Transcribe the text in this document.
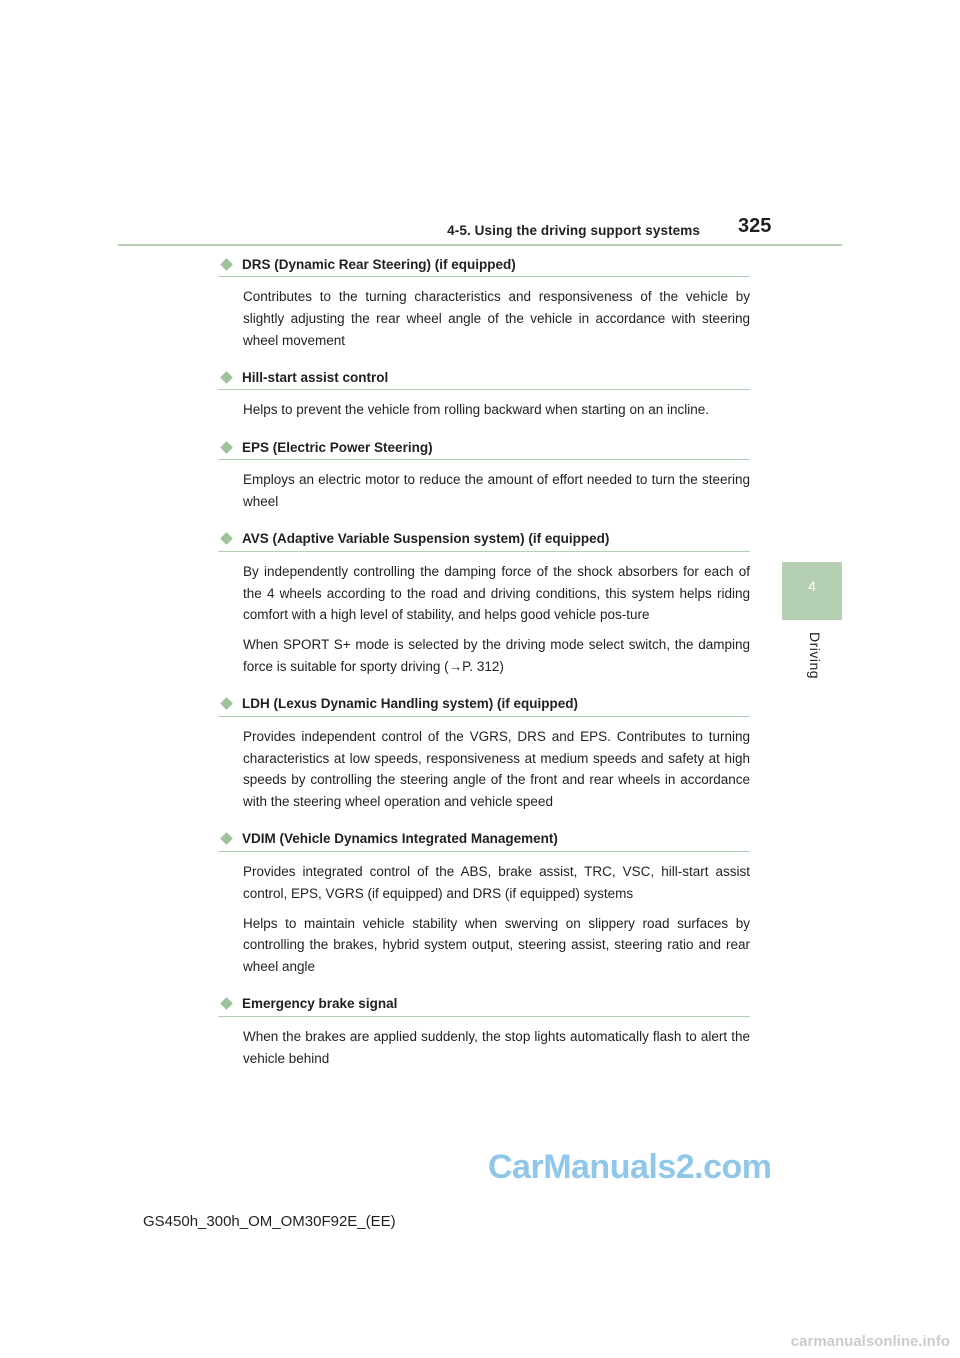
4-5. Using the driving support systems 325
4
Driving
DRS (Dynamic Rear Steering) (if equipped)

Contributes to the turning characteristics and responsiveness of the vehicle by slightly adjusting the rear wheel angle of the vehicle in accordance with steering wheel movement

Hill-start assist control

Helps to prevent the vehicle from rolling backward when starting on an incline.

EPS (Electric Power Steering)

Employs an electric motor to reduce the amount of effort needed to turn the steering wheel

AVS (Adaptive Variable Suspension system) (if equipped)

By independently controlling the damping force of the shock absorbers for each of the 4 wheels according to the road and driving conditions, this system helps riding comfort with a high level of stability, and helps good vehicle pos-ture

When SPORT S+ mode is selected by the driving mode select switch, the damping force is suitable for sporty driving (→P. 312)

LDH (Lexus Dynamic Handling system) (if equipped)

Provides independent control of the VGRS, DRS and EPS. Contributes to turning characteristics at low speeds, responsiveness at medium speeds and safety at high speeds by controlling the steering angle of the front and rear wheels in accordance with the steering wheel operation and vehicle speed

VDIM (Vehicle Dynamics Integrated Management)

Provides integrated control of the ABS, brake assist, TRC, VSC, hill-start assist control, EPS, VGRS (if equipped) and DRS (if equipped) systems

Helps to maintain vehicle stability when swerving on slippery road surfaces by controlling the brakes, hybrid system output, steering assist, steering ratio and rear wheel angle

Emergency brake signal

When the brakes are applied suddenly, the stop lights automatically flash to alert the vehicle behind

CarManuals2.com
GS450h_300h_OM_OM30F92E_(EE)
carmanualsonline.info
